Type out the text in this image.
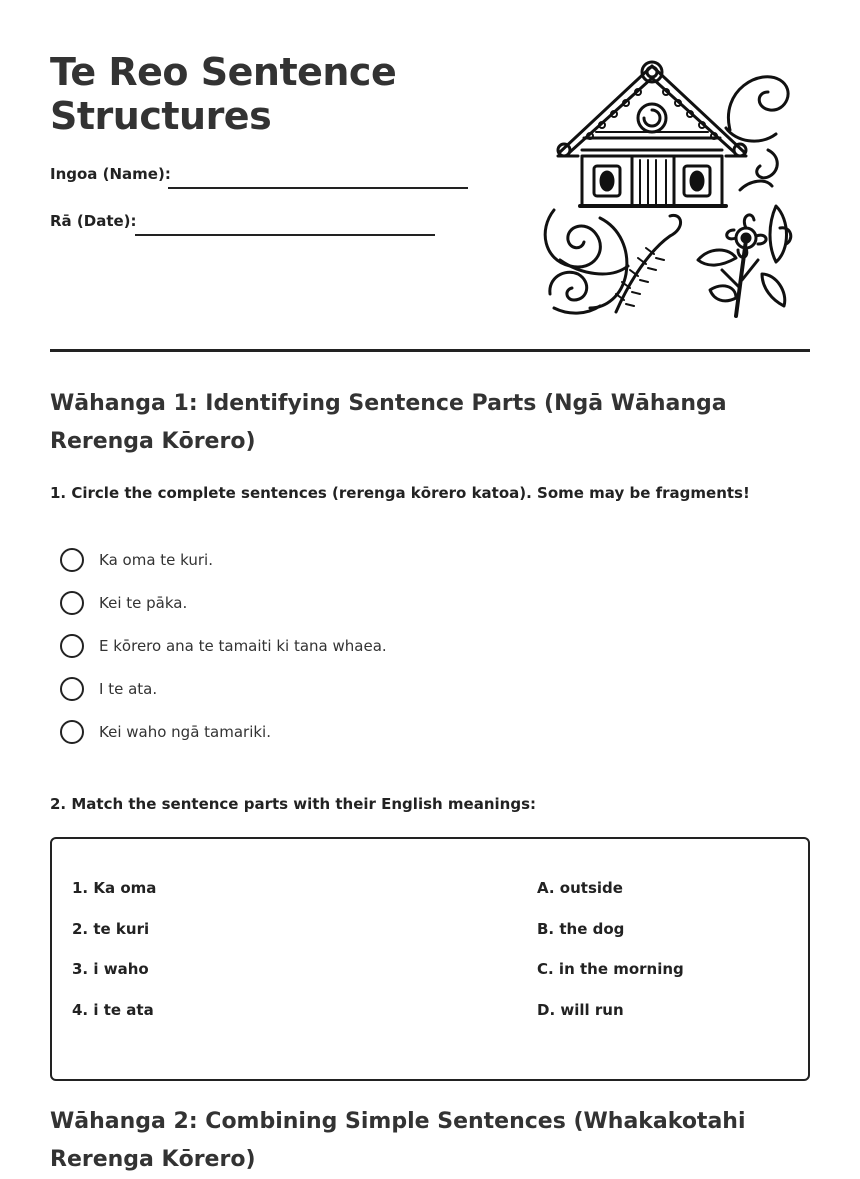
Te Reo Sentence
Structures
Ingoa (Name):
Rā (Date):
Wāhanga 1: Identifying Sentence Parts (Ngā Wāhanga Rerenga Kōrero)

1. Circle the complete sentences (rerenga kōrero katoa). Some may be fragments!

Ka oma te kuri.
Kei te pāka.
E kōrero ana te tamaiti ki tana whaea.
I te ata.
Kei waho ngā tamariki.

2. Match the sentence parts with their English meanings:

1. Ka oma
2. te kuri
3. i waho
4. i te ata
A. outside
B. the dog
C. in the morning
D. will run
Wāhanga 2: Combining Simple Sentences (Whakakotahi Rerenga Kōrero)
